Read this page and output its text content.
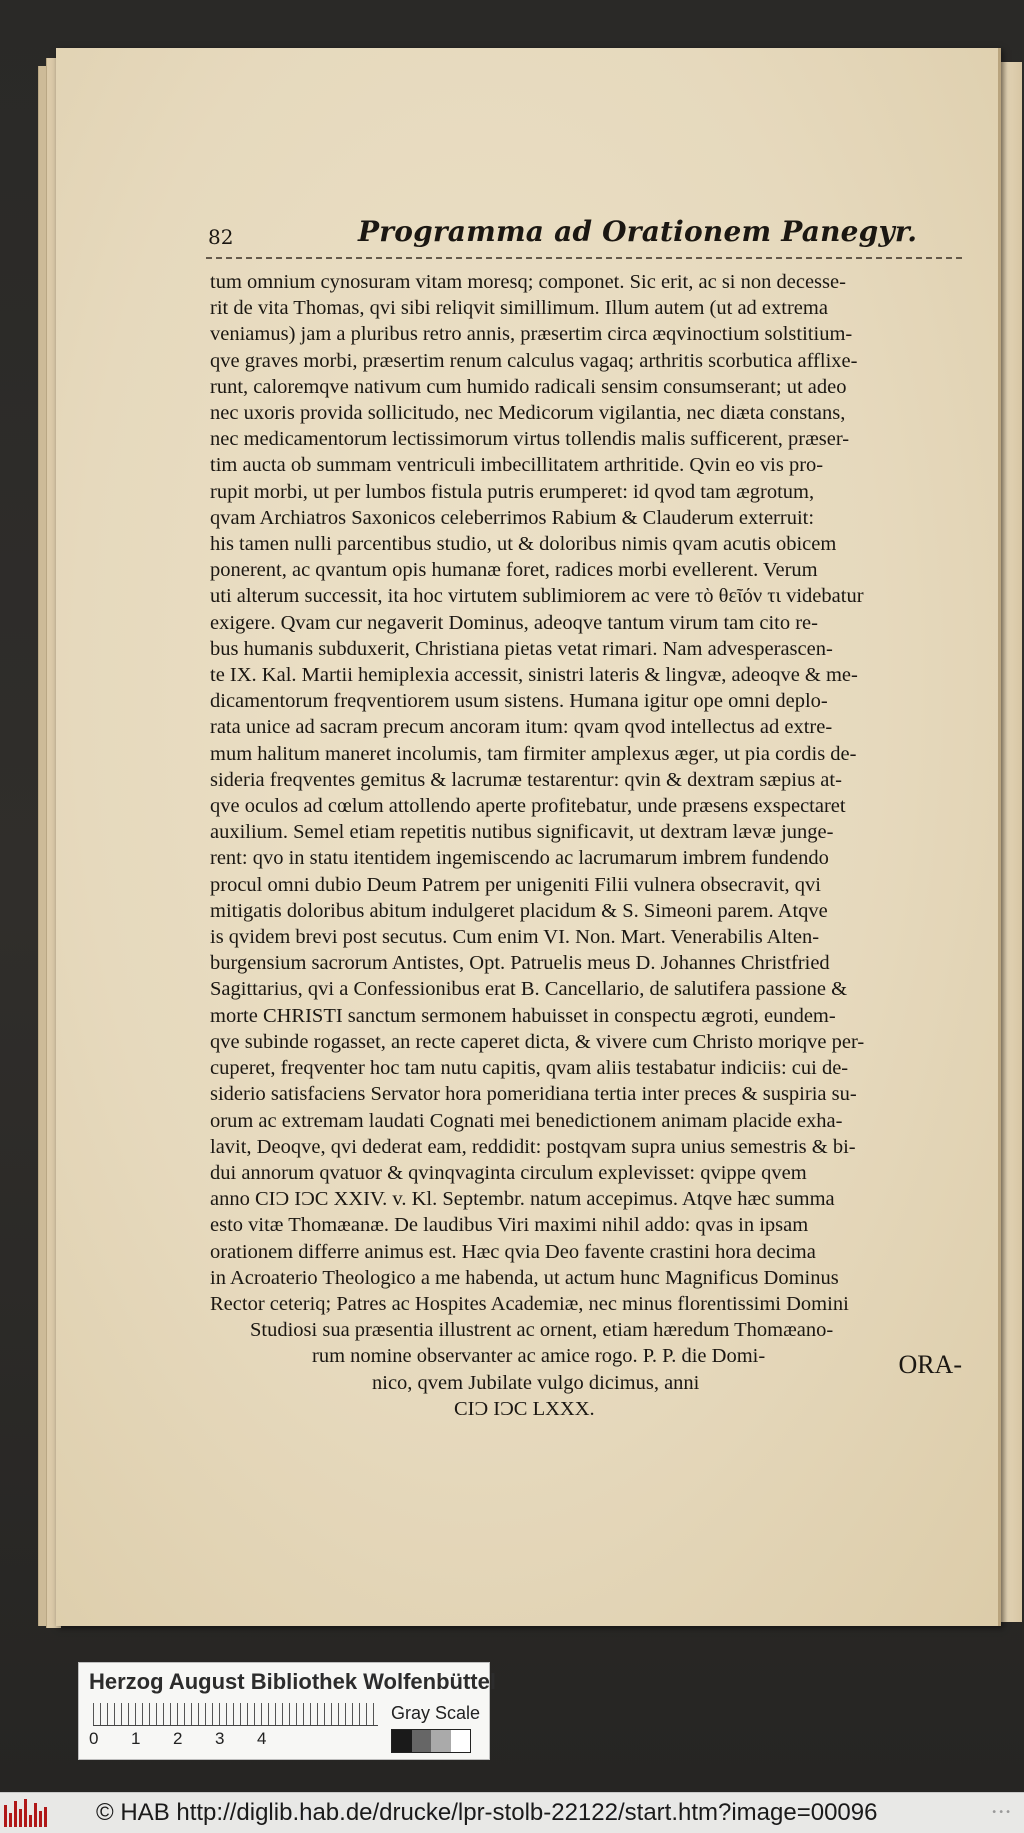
82	Programma ad Orationem Panegyr.
tum omnium cynosuram vitam moresq; componet. Sic erit, ac si non decesse-
rit de vita Thomas, qvi sibi reliqvit simillimum. Illum autem (ut ad extrema
veniamus) jam a pluribus retro annis, præsertim circa æqvinoctium solstitium-
qve graves morbi, præsertim renum calculus vagaq; arthritis scorbutica afflixe-
runt, caloremqve nativum cum humido radicali sensim consumserant; ut adeo
nec uxoris provida sollicitudo, nec Medicorum vigilantia, nec diæta constans,
nec medicamentorum lectissimorum virtus tollendis malis sufficerent, præser-
tim aucta ob summam ventriculi imbecillitatem arthritide. Qvin eo vis pro-
rupit morbi, ut per lumbos fistula putris erumperet: id qvod tam ægrotum,
qvam Archiatros Saxonicos celeberrimos Rabium & Clauderum exterruit:
his tamen nulli parcentibus studio, ut & doloribus nimis qvam acutis obicem
ponerent, ac qvantum opis humanæ foret, radices morbi evellerent. Verum
uti alterum successit, ita hoc virtutem sublimiorem ac vere τὸ θεῖόν τι videbatur
exigere. Qvam cur negaverit Dominus, adeoqve tantum virum tam cito re-
bus humanis subduxerit, Christiana pietas vetat rimari. Nam advesperascen-
te IX. Kal. Martii hemiplexia accessit, sinistri lateris & lingvæ, adeoqve & me-
dicamentorum freqventiorem usum sistens. Humana igitur ope omni deplo-
rata unice ad sacram precum ancoram itum: qvam qvod intellectus ad extre-
mum halitum maneret incolumis, tam firmiter amplexus æger, ut pia cordis de-
sideria freqventes gemitus & lacrumæ testarentur: qvin & dextram sæpius at-
qve oculos ad cœlum attollendo aperte profitebatur, unde præsens exspectaret
auxilium. Semel etiam repetitis nutibus significavit, ut dextram lævæ junge-
rent: qvo in statu itentidem ingemiscendo ac lacrumarum imbrem fundendo
procul omni dubio Deum Patrem per unigeniti Filii vulnera obsecravit, qvi
mitigatis doloribus abitum indulgeret placidum & S. Simeoni parem. Atqve
is qvidem brevi post secutus. Cum enim VI. Non. Mart. Venerabilis Alten-
burgensium sacrorum Antistes, Opt. Patruelis meus D. Johannes Christfried
Sagittarius, qvi a Confessionibus erat B. Cancellario, de salutifera passione &
morte CHRISTI sanctum sermonem habuisset in conspectu ægroti, eundem-
qve subinde rogasset, an recte caperet dicta, & vivere cum Christo moriqve per-
cuperet, freqventer hoc tam nutu capitis, qvam aliis testabatur indiciis: cui de-
siderio satisfaciens Servator hora pomeridiana tertia inter preces & suspiria su-
orum ac extremam laudati Cognati mei benedictionem animam placide exha-
lavit, Deoqve, qvi dederat eam, reddidit: postqvam supra unius semestris & bi-
dui annorum qvatuor & qvinqvaginta circulum explevisset: qvippe qvem
anno CIƆ IƆC XXIV. v. Kl. Septembr. natum accepimus. Atqve hæc summa
esto vitæ Thomæanæ. De laudibus Viri maximi nihil addo: qvas in ipsam
orationem differre animus est. Hæc qvia Deo favente crastini hora decima
in Acroaterio Theologico a me habenda, ut actum hunc Magnificus Dominus
Rector ceteriq; Patres ac Hospites Academiæ, nec minus florentissimi Domini
Studiosi sua præsentia illustrent ac ornent, etiam hæredum Thomæano-
rum nomine observanter ac amice rogo. P. P. die Domi-
nico, qvem Jubilate vulgo dicimus, anni
CIƆ IƆC LXXX.
ORA-
Herzog August Bibliothek Wolfenbüttel
0 1 2 3 4
Gray Scale
© HAB http://diglib.hab.de/drucke/lpr-stolb-22122/start.htm?image=00096	•••
